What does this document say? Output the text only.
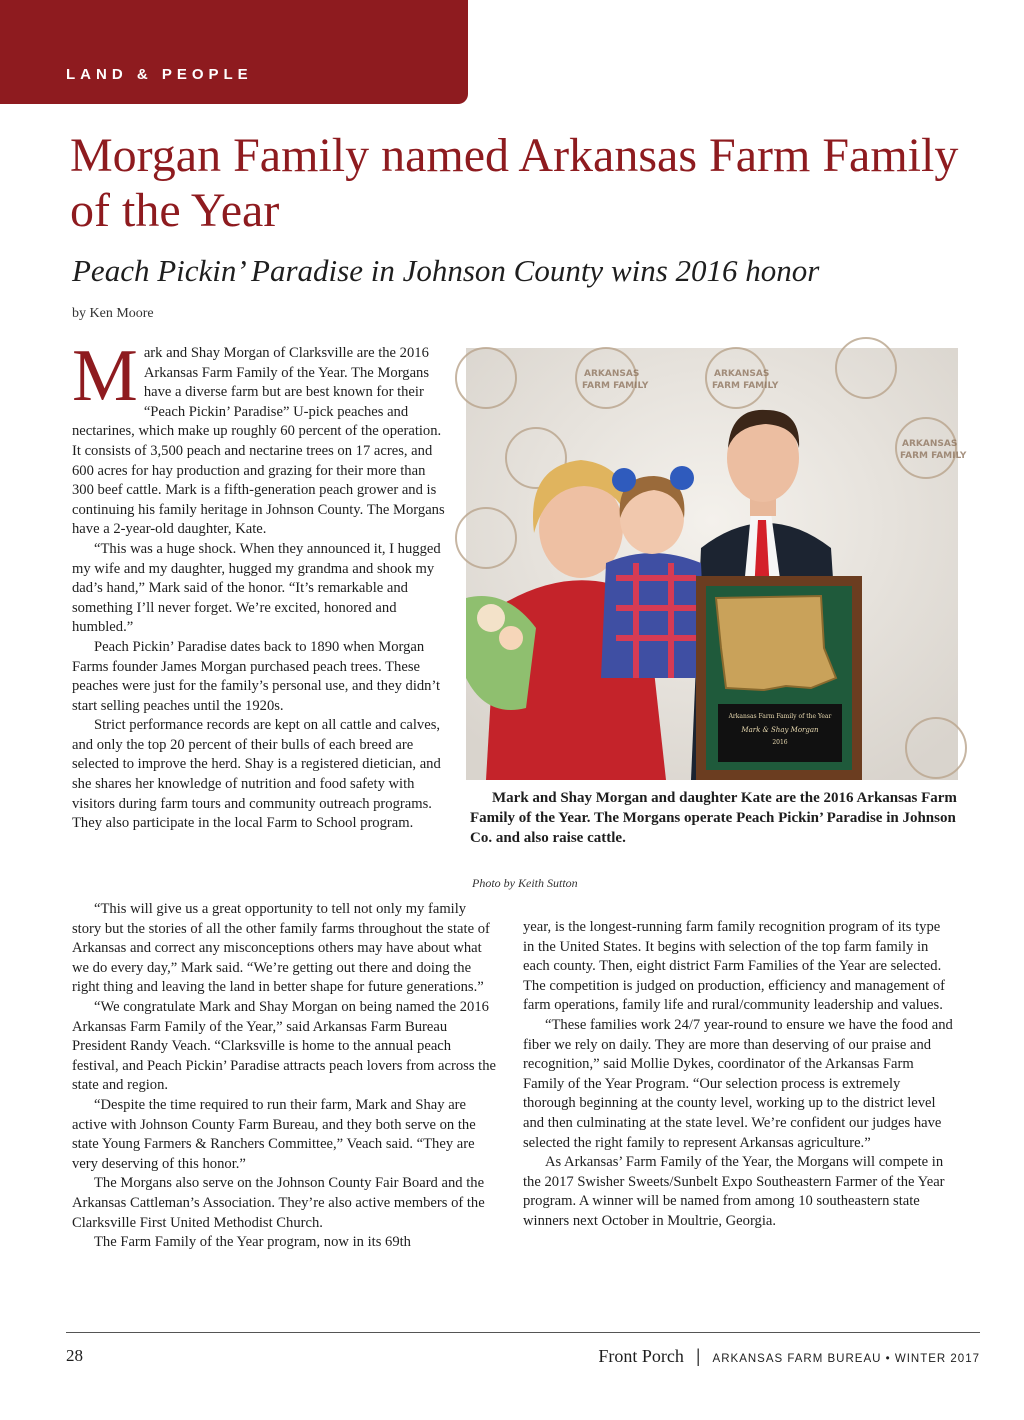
LAND & PEOPLE
Morgan Family named Arkansas Farm Family of the Year
Peach Pickin’ Paradise in Johnson County wins 2016 honor
by Ken Moore

Mark and Shay Morgan of Clarksville are the 2016 Arkansas Farm Family of the Year. The Morgans have a diverse farm but are best known for their “Peach Pickin’ Paradise” U-pick peaches and nectarines, which make up roughly 60 percent of the operation. It consists of 3,500 peach and nectarine trees on 17 acres, and 600 acres for hay production and grazing for their more than 300 beef cattle. Mark is a fifth-generation peach grower and is continuing his family heritage in Johnson County. The Morgans have a 2-year-old daughter, Kate.

“This was a huge shock. When they announced it, I hugged my wife and my daughter, hugged my grandma and shook my dad’s hand,” Mark said of the honor. “It’s remarkable and something I’ll never forget. We’re excited, honored and humbled.”

Peach Pickin’ Paradise dates back to 1890 when Morgan Farms founder James Morgan purchased peach trees. These peaches were just for the family’s personal use, and they didn’t start selling peaches until the 1920s.

Strict performance records are kept on all cattle and calves, and only the top 20 percent of their bulls of each breed are selected to improve the herd. Shay is a registered dietician, and she shares her knowledge of nutrition and food safety with visitors during farm tours and community outreach programs. They also participate in the local Farm to School program.

ARKANSAS
FARM FAMILY
ARKANSAS
FARM FAMILY
ARKANSAS
FARM FAMILY
Arkansas Farm Family of the Year
Mark & Shay Morgan
2016

Mark and Shay Morgan and daughter Kate are the 2016 Arkansas Farm Family of the Year. The Morgans operate Peach Pickin’ Paradise in Johnson Co. and also raise cattle.

Photo by Keith Sutton

“This will give us a great opportunity to tell not only my family story but the stories of all the other family farms throughout the state of Arkansas and correct any misconceptions others may have about what we do every day,” Mark said. “We’re getting out there and doing the right thing and leaving the land in better shape for future generations.”

“We congratulate Mark and Shay Morgan on being named the 2016 Arkansas Farm Family of the Year,” said Arkansas Farm Bureau President Randy Veach. “Clarksville is home to the annual peach festival, and Peach Pickin’ Paradise attracts peach lovers from across the state and region.

“Despite the time required to run their farm, Mark and Shay are active with Johnson County Farm Bureau, and they both serve on the state Young Farmers & Ranchers Committee,” Veach said. “They are very deserving of this honor.”

The Morgans also serve on the Johnson County Fair Board and the Arkansas Cattleman’s Association. They’re also active members of the Clarksville First United Methodist Church.

The Farm Family of the Year program, now in its 69th

year, is the longest-running farm family recognition program of its type in the United States. It begins with selection of the top farm family in each county. Then, eight district Farm Families of the Year are selected. The competition is judged on production, efficiency and management of farm operations, family life and rural/community leadership and values.

“These families work 24/7 year-round to ensure we have the food and fiber we rely on daily. They are more than deserving of our praise and recognition,” said Mollie Dykes, coordinator of the Arkansas Farm Family of the Year Program. “Our selection process is extremely thorough beginning at the county level, working up to the district level and then culminating at the state level. We’re confident our judges have selected the right family to represent Arkansas agriculture.”

As Arkansas’ Farm Family of the Year, the Morgans will compete in the 2017 Swisher Sweets/Sunbelt Expo Southeastern Farmer of the Year program. A winner will be named from among 10 southeastern state winners next October in Moultrie, Georgia.

28	Front Porch | ARKANSAS FARM BUREAU • WINTER 2017
